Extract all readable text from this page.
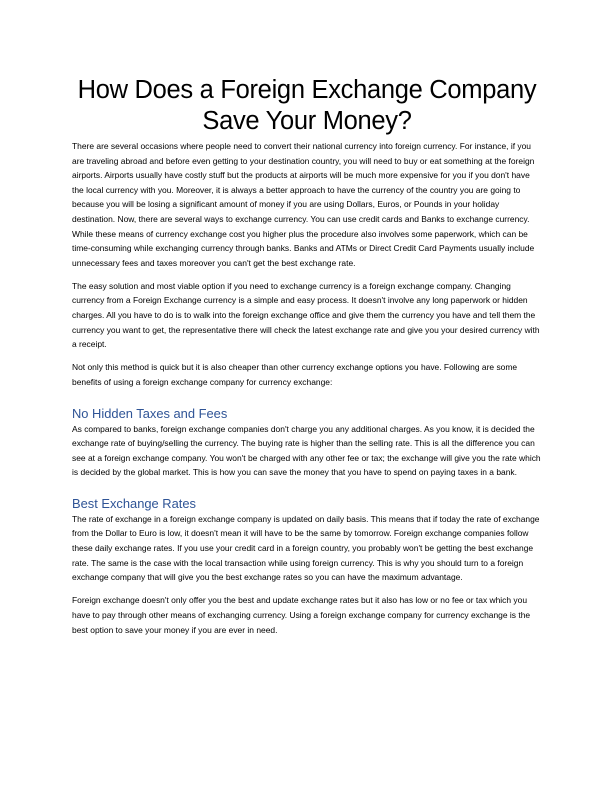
How Does a Foreign Exchange Company
Save Your Money?

There are several occasions where people need to convert their national currency into foreign currency. For instance, if you are traveling abroad and before even getting to your destination country, you will need to buy or eat something at the foreign airports. Airports usually have costly stuff but the products at airports will be much more expensive for you if you don't have the local currency with you. Moreover, it is always a better approach to have the currency of the country you are going to because you will be losing a significant amount of money if you are using Dollars, Euros, or Pounds in your holiday destination. Now, there are several ways to exchange currency. You can use credit cards and Banks to exchange currency. While these means of currency exchange cost you higher plus the procedure also involves some paperwork, which can be time-consuming while exchanging currency through banks. Banks and ATMs or Direct Credit Card Payments usually include unnecessary fees and taxes moreover you can't get the best exchange rate.

The easy solution and most viable option if you need to exchange currency is a foreign exchange company. Changing currency from a Foreign Exchange currency is a simple and easy process. It doesn't involve any long paperwork or hidden charges. All you have to do is to walk into the foreign exchange office and give them the currency you have and tell them the currency you want to get, the representative there will check the latest exchange rate and give you your desired currency with a receipt.

Not only this method is quick but it is also cheaper than other currency exchange options you have. Following are some benefits of using a foreign exchange company for currency exchange:

No Hidden Taxes and Fees

As compared to banks, foreign exchange companies don't charge you any additional charges. As you know, it is decided the exchange rate of buying/selling the currency. The buying rate is higher than the selling rate. This is all the difference you can see at a foreign exchange company. You won't be charged with any other fee or tax; the exchange will give you the rate which is decided by the global market. This is how you can save the money that you have to spend on paying taxes in a bank.

Best Exchange Rates

The rate of exchange in a foreign exchange company is updated on daily basis. This means that if today the rate of exchange from the Dollar to Euro is low, it doesn't mean it will have to be the same by tomorrow. Foreign exchange companies follow these daily exchange rates. If you use your credit card in a foreign country, you probably won't be getting the best exchange rate. The same is the case with the local transaction while using foreign currency. This is why you should turn to a foreign exchange company that will give you the best exchange rates so you can have the maximum advantage.

Foreign exchange doesn't only offer you the best and update exchange rates but it also has low or no fee or tax which you have to pay through other means of exchanging currency. Using a foreign exchange company for currency exchange is the best option to save your money if you are ever in need.
